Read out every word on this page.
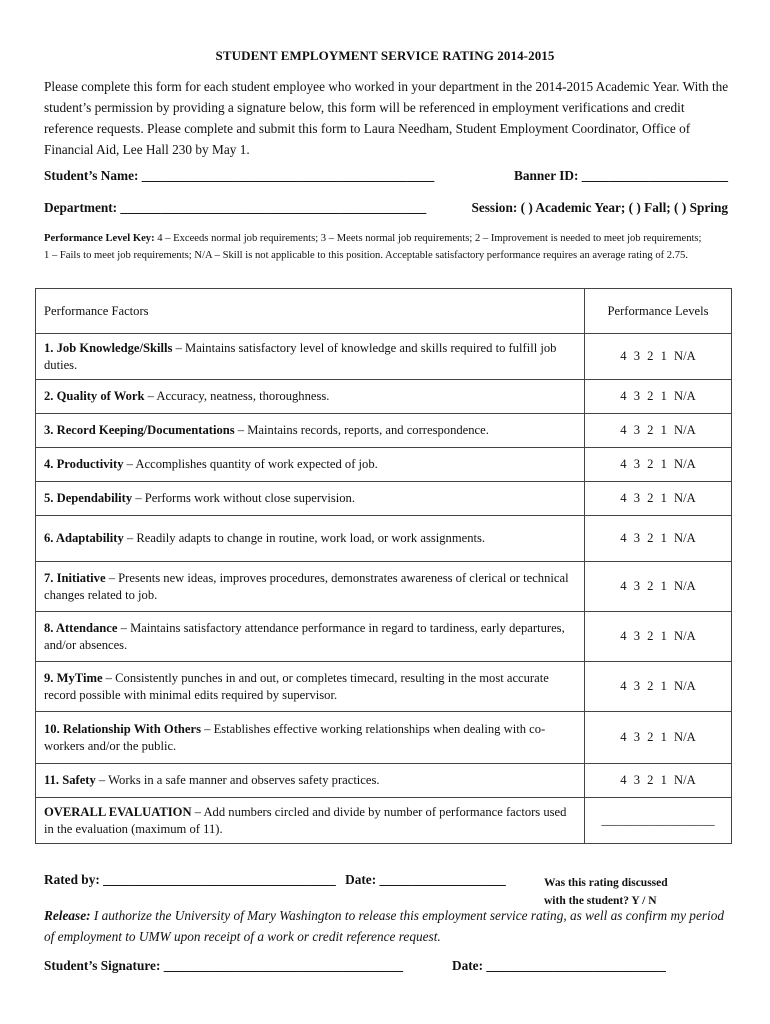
STUDENT EMPLOYMENT SERVICE RATING 2014-2015
Please complete this form for each student employee who worked in your department in the 2014-2015 Academic Year. With the student’s permission by providing a signature below, this form will be referenced in employment verifications and credit reference requests. Please complete and submit this form to Laura Needham, Student Employment Coordinator, Office of Financial Aid, Lee Hall 230 by May 1.
Student’s Name: ____________________________________________	Banner ID: ______________________
Department: ______________________________________________	Session: ( ) Academic Year; ( ) Fall; ( ) Spring
Performance Level Key: 4 – Exceeds normal job requirements; 3 – Meets normal job requirements; 2 – Improvement is needed to meet job requirements; 1 – Fails to meet job requirements; N/A – Skill is not applicable to this position. Acceptable satisfactory performance requires an average rating of 2.75.
Performance Factors	Performance Levels
1. Job Knowledge/Skills – Maintains satisfactory level of knowledge and skills required to fulfill job duties.	4 3 2 1 N/A
2. Quality of Work – Accuracy, neatness, thoroughness.	4 3 2 1 N/A
3. Record Keeping/Documentations – Maintains records, reports, and correspondence.	4 3 2 1 N/A
4. Productivity – Accomplishes quantity of work expected of job.	4 3 2 1 N/A
5. Dependability – Performs work without close supervision.	4 3 2 1 N/A
6. Adaptability – Readily adapts to change in routine, work load, or work assignments.	4 3 2 1 N/A
7. Initiative – Presents new ideas, improves procedures, demonstrates awareness of clerical or technical changes related to job.	4 3 2 1 N/A
8. Attendance – Maintains satisfactory attendance performance in regard to tardiness, early departures, and/or absences.	4 3 2 1 N/A
9. MyTime – Consistently punches in and out, or completes timecard, resulting in the most accurate record possible with minimal edits required by supervisor.	4 3 2 1 N/A
10. Relationship With Others – Establishes effective working relationships when dealing with co-workers and/or the public.	4 3 2 1 N/A
11. Safety – Works in a safe manner and observes safety practices.	4 3 2 1 N/A
OVERALL EVALUATION – Add numbers circled and divide by number of performance factors used in the evaluation (maximum of 11).	__________________
Rated by: ___________________________________ Date: ___________________	Was this rating discussed
with the student? Y / N
Release: I authorize the University of Mary Washington to release this employment service rating, as well as confirm my period of employment to UMW upon receipt of a work or credit reference request.
Student’s Signature: ____________________________________	Date: ___________________________
